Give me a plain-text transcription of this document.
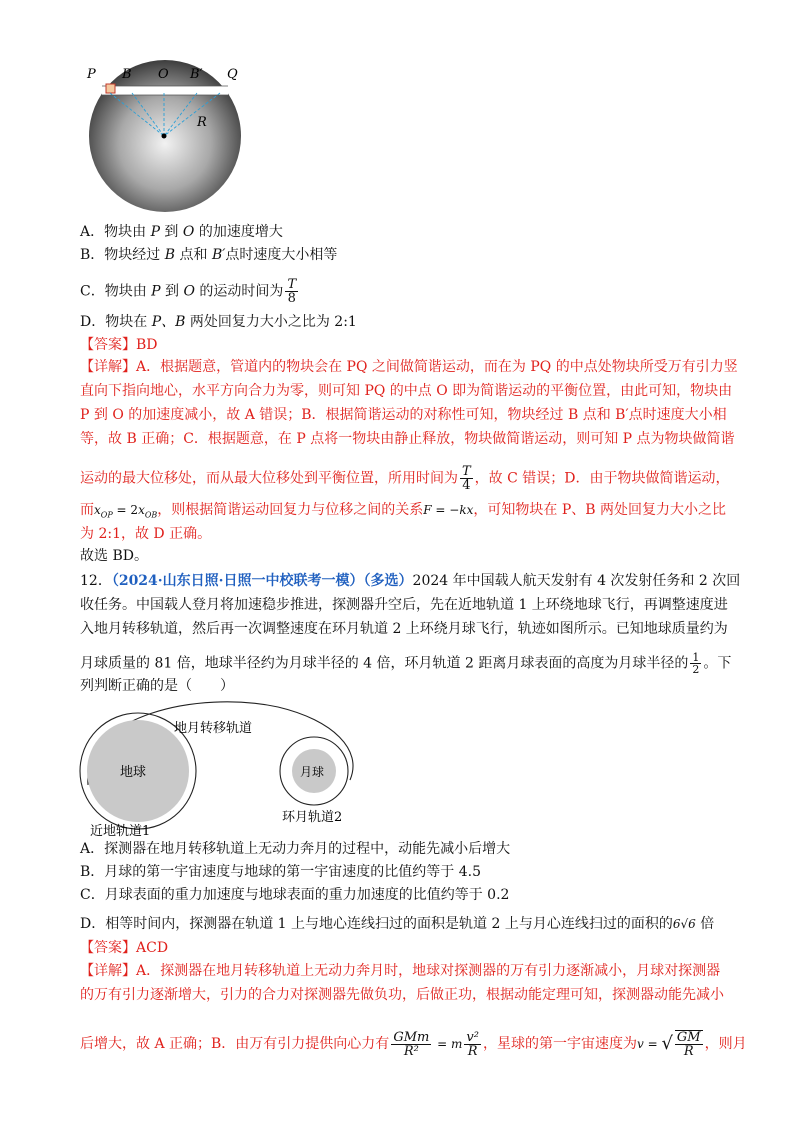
P B O B′ Q
R
A．物块由 P 到 O 的加速度增大
B．物块经过 B 点和 B′点时速度大小相等
C．物块由 P 到 O 的运动时间为 $\frac{T}{8}$
D．物块在 P、B 两处回复力大小之比为 2:1
【答案】BD
【详解】A．根据题意，管道内的物块会在 PQ 之间做简谐运动，而在为 PQ 的中点处物块所受万有引力竖
直向下指向地心，水平方向合力为零，则可知 PQ 的中点 O 即为简谐运动的平衡位置，由此可知，物块由
P 到 O 的加速度减小，故 A 错误；B．根据简谐运动的对称性可知，物块经过 B 点和 B′点时速度大小相
等，故 B 正确；C．根据题意，在 P 点将一物块由静止释放，物块做简谐运动，则可知 P 点为物块做简谐
运动的最大位移处，而从最大位移处到平衡位置，所用时间为 $\frac{T}{4}$ ，故 C 错误；D．由于物块做简谐运动，
而$x_{OP} = 2x_{OB}$，则根据简谐运动回复力与位移之间的关系F = −kx，可知物块在 P、B 两处回复力大小之比
为 2:1，故 D 正确。
故选 BD。
12．（2024·山东日照·日照一中校联考一模）（多选）2024 年中国载人航天发射有 4 次发射任务和 2 次回
收任务。中国载人登月将加速稳步推进，探测器升空后，先在近地轨道 1 上环绕地球飞行，再调整速度进
入地月转移轨道，然后再一次调整速度在环月轨道 2 上环绕月球飞行，轨迹如图所示。已知地球质量约为
月球质量的 81 倍，地球半径约为月球半径的 4 倍，环月轨道 2 距离月球表面的高度为月球半径的 $\frac{1}{2}$ 。下
列判断正确的是（　　）
地月转移轨道
地球	月球
环月轨道2
近地轨道1
A．探测器在地月转移轨道上无动力奔月的过程中，动能先减小后增大
B．月球的第一宇宙速度与地球的第一宇宙速度的比值约等于 4.5
C．月球表面的重力加速度与地球表面的重力加速度的比值约等于 0.2
D．相等时间内，探测器在轨道 1 上与地心连线扫过的面积是轨道 2 上与月心连线扫过的面积的6√6 倍
【答案】ACD
【详解】A．探测器在地月转移轨道上无动力奔月时，地球对探测器的万有引力逐渐减小，月球对探测器
的万有引力逐渐增大，引力的合力对探测器先做负功，后做正功，根据动能定理可知，探测器动能先减小
后增大，故 A 正确；B．由万有引力提供向心力有 $\frac{\text{GMm}}{\text{R²}} = m \frac{\text{v²}}{R}$ ，星球的第一宇宙速度为v = √ $\frac{GM}{R}$ ，则月
